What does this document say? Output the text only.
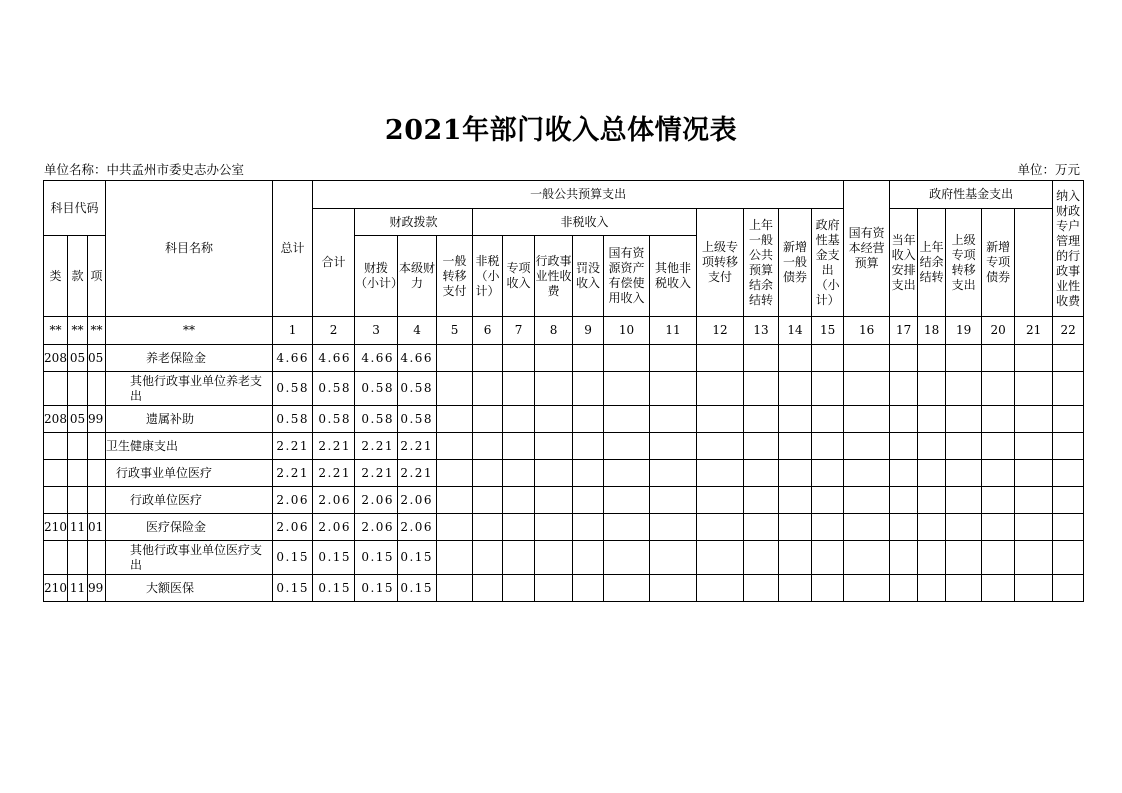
2021年部门收入总体情况表
单位名称：中共孟州市委史志办公室	单位：万元
科目代码			科目名称	总计	一般公共预算支出														国有资本经营预算	政府性基金支出					纳入财政专户管理的行政事业性收费	
					合计	财政拨款			非税收入						上级专项转移支付	上年一般公共预算结余结转	新增一般债券	政府性基金支出（小计）		当年收入安排支出	上年结余结转	上级专项转移支出	新增专项债券			
类	款	项				财拨（小计）	本级财力	一般转移支付	非税（小计）	专项收入	行政事业性收费	罚没收入	国有资源资产有偿使用收入	其他非税收入												
**	**	**	**	1	2	3	4	5	6	7	8	9	10	11	12	13	14	15	16	17	18	19	20	21	22	
208	05	05	养老保险金	4.66	4.66	4.66	4.66																			
			其他行政事业单位养老支出	0.58	0.58	0.58	0.58																			
208	05	99	遗属补助	0.58	0.58	0.58	0.58																			
			卫生健康支出	2.21	2.21	2.21	2.21																			
			行政事业单位医疗	2.21	2.21	2.21	2.21																			
			行政单位医疗	2.06	2.06	2.06	2.06																			
210	11	01	医疗保险金	2.06	2.06	2.06	2.06																			
			其他行政事业单位医疗支出	0.15	0.15	0.15	0.15																			
210	11	99	大额医保	0.15	0.15	0.15	0.15																			
